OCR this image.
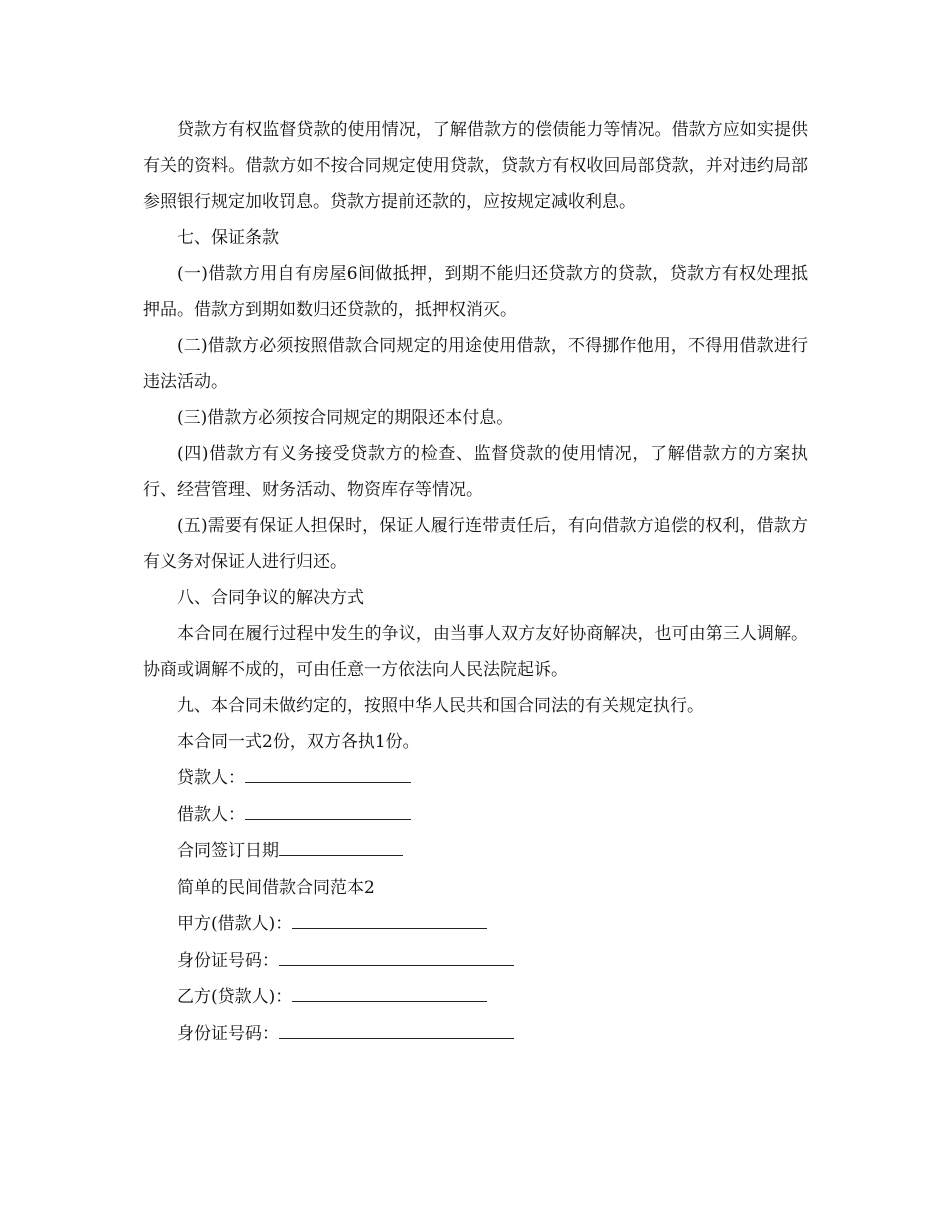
贷款方有权监督贷款的使用情况，了解借款方的偿债能力等情况。借款方应如实提供有关的资料。借款方如不按合同规定使用贷款，贷款方有权收回局部贷款，并对违约局部参照银行规定加收罚息。贷款方提前还款的，应按规定减收利息。

七、保证条款

(一)借款方用自有房屋6间做抵押，到期不能归还贷款方的贷款，贷款方有权处理抵押品。借款方到期如数归还贷款的，抵押权消灭。

(二)借款方必须按照借款合同规定的用途使用借款，不得挪作他用，不得用借款进行违法活动。

(三)借款方必须按合同规定的期限还本付息。

(四)借款方有义务接受贷款方的检查、监督贷款的使用情况，了解借款方的方案执行、经营管理、财务活动、物资库存等情况。

(五)需要有保证人担保时，保证人履行连带责任后，有向借款方追偿的权利，借款方有义务对保证人进行归还。

八、合同争议的解决方式

本合同在履行过程中发生的争议，由当事人双方友好协商解决，也可由第三人调解。协商或调解不成的，可由任意一方依法向人民法院起诉。

九、本合同未做约定的，按照中华人民共和国合同法的有关规定执行。

本合同一式2份，双方各执1份。

贷款人：

借款人：

合同签订日期

简单的民间借款合同范本2

甲方(借款人)：

身份证号码：

乙方(贷款人)：

身份证号码：
